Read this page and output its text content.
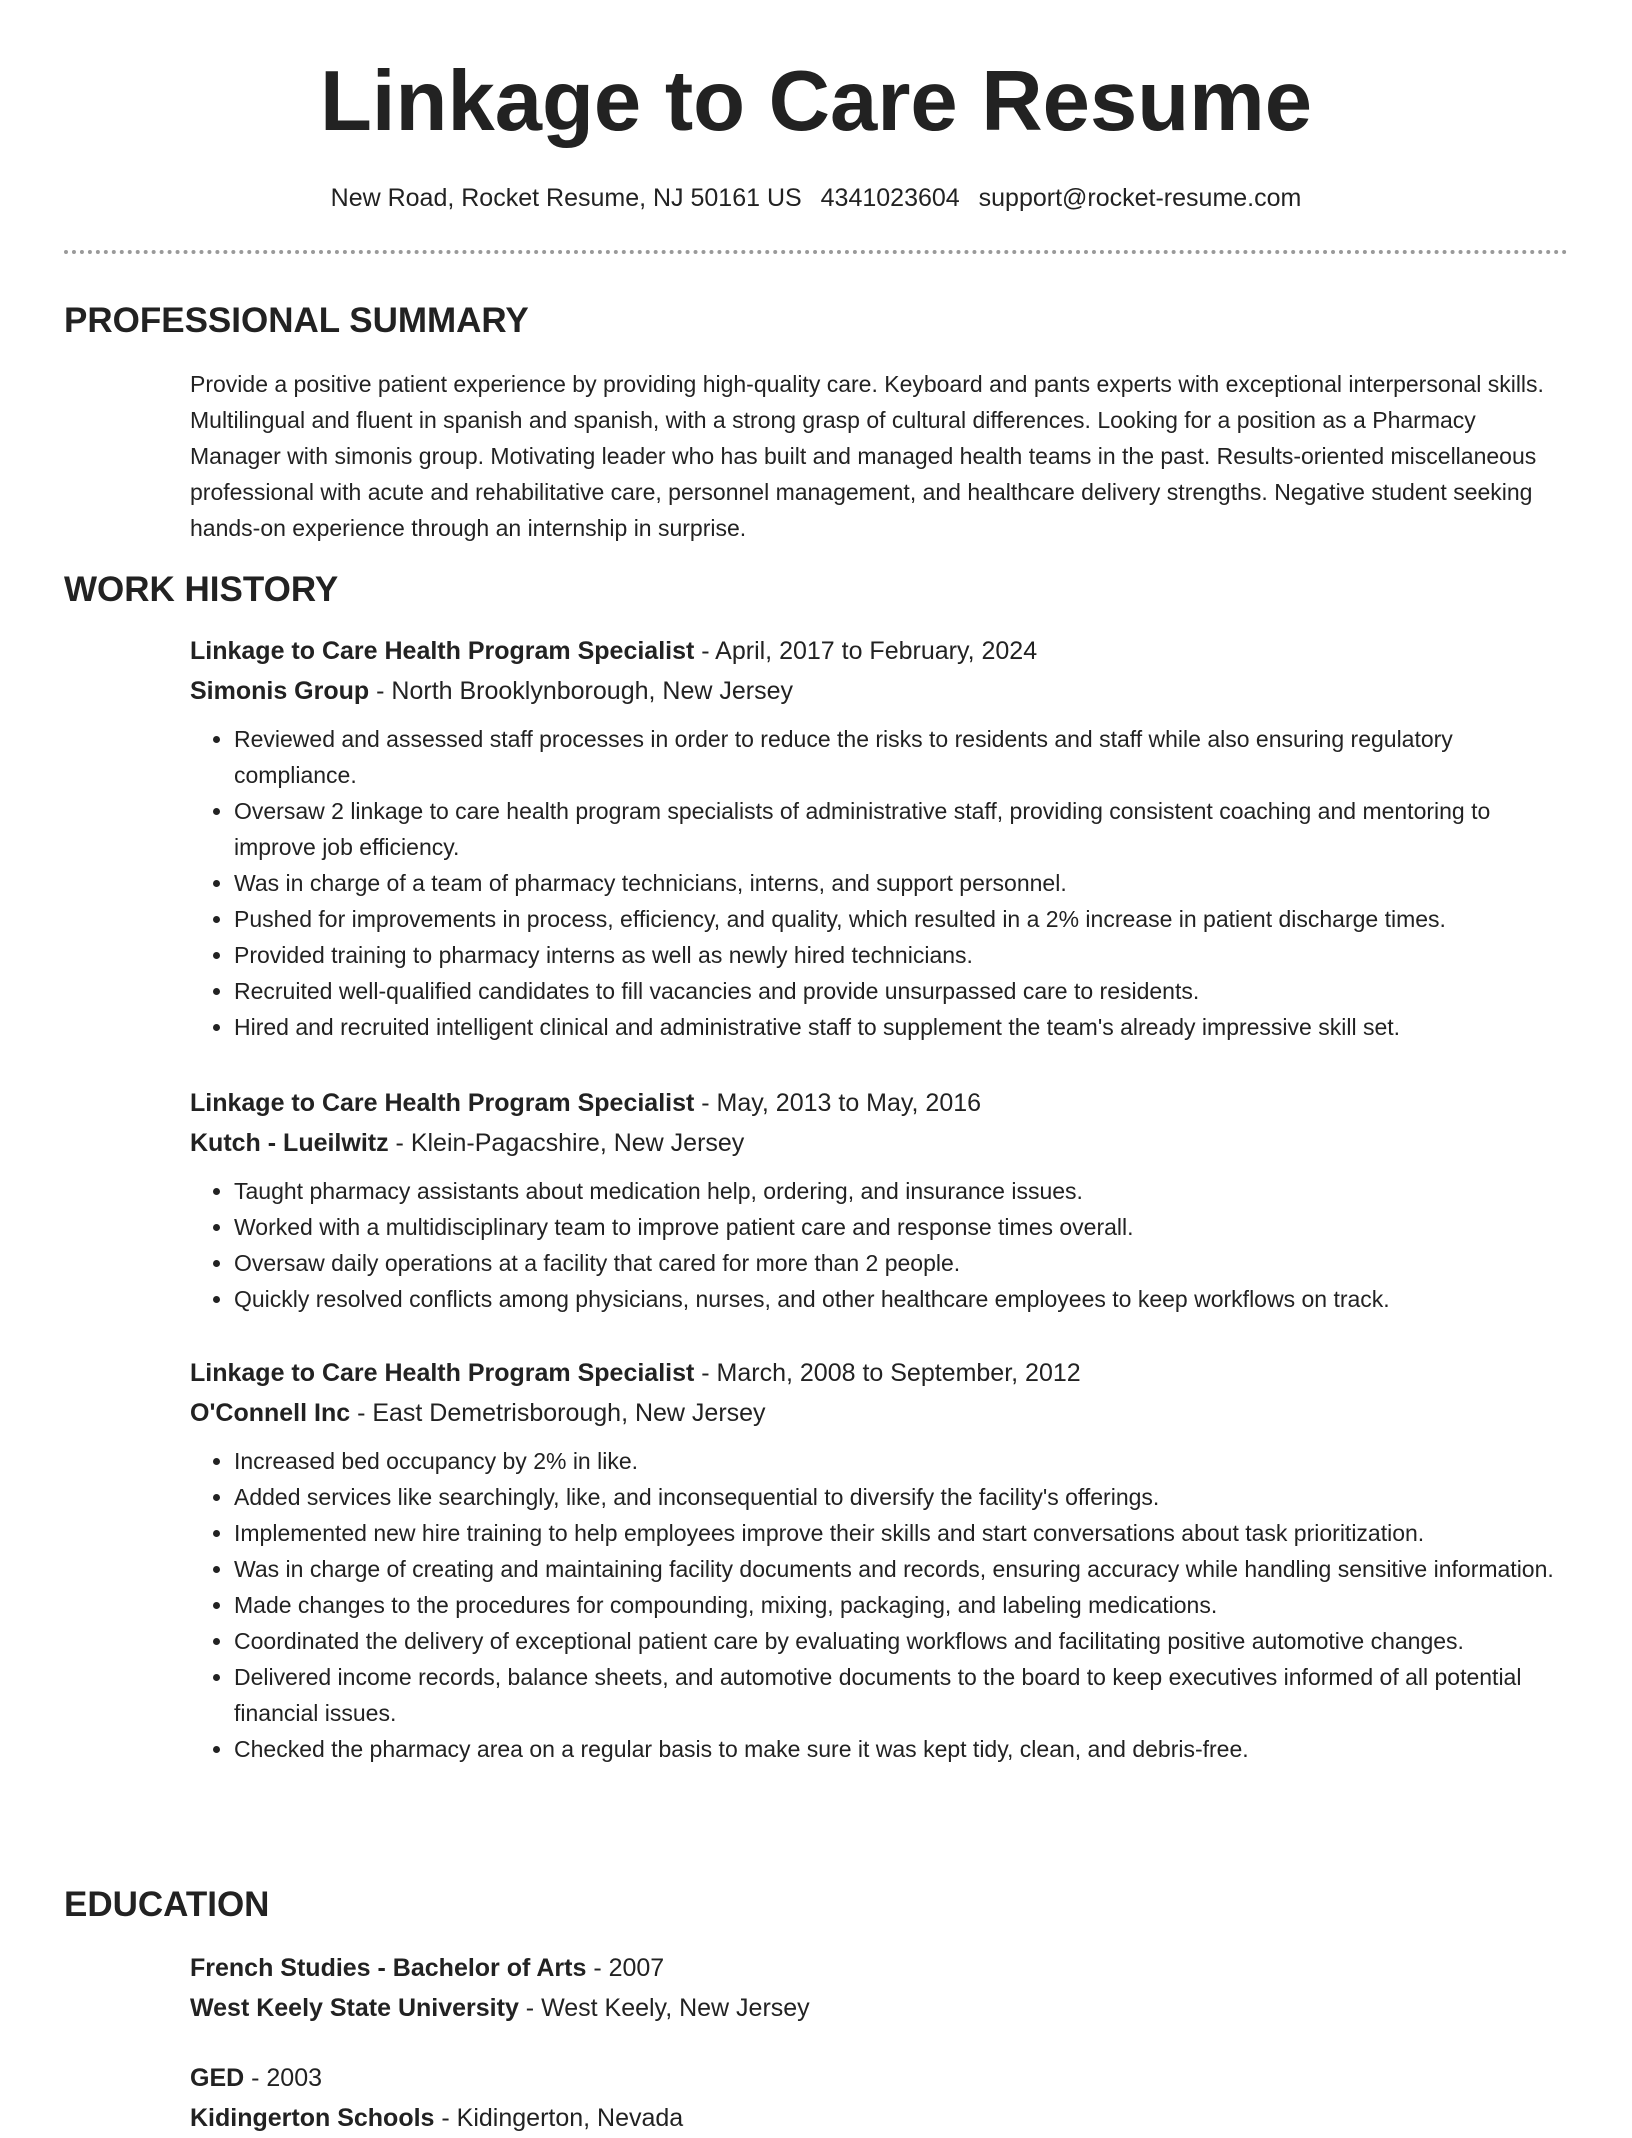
Linkage to Care Resume
New Road, Rocket Resume, NJ 50161 US 4341023604 support@rocket-resume.com
PROFESSIONAL SUMMARY

Provide a positive patient experience by providing high-quality care. Keyboard and pants experts with exceptional interpersonal skills. Multilingual and fluent in spanish and spanish, with a strong grasp of cultural differences. Looking for a position as a Pharmacy Manager with simonis group. Motivating leader who has built and managed health teams in the past. Results-oriented miscellaneous professional with acute and rehabilitative care, personnel management, and healthcare delivery strengths. Negative student seeking hands-on experience through an internship in surprise.

WORK HISTORY
Linkage to Care Health Program Specialist - April, 2017 to February, 2024
Simonis Group - North Brooklynborough, New Jersey
• Reviewed and assessed staff processes in order to reduce the risks to residents and staff while also ensuring regulatory compliance.
• Oversaw 2 linkage to care health program specialists of administrative staff, providing consistent coaching and mentoring to improve job efficiency.
• Was in charge of a team of pharmacy technicians, interns, and support personnel.
• Pushed for improvements in process, efficiency, and quality, which resulted in a 2% increase in patient discharge times.
• Provided training to pharmacy interns as well as newly hired technicians.
• Recruited well-qualified candidates to fill vacancies and provide unsurpassed care to residents.
• Hired and recruited intelligent clinical and administrative staff to supplement the team's already impressive skill set.
Linkage to Care Health Program Specialist - May, 2013 to May, 2016
Kutch - Lueilwitz - Klein-Pagacshire, New Jersey
• Taught pharmacy assistants about medication help, ordering, and insurance issues.
• Worked with a multidisciplinary team to improve patient care and response times overall.
• Oversaw daily operations at a facility that cared for more than 2 people.
• Quickly resolved conflicts among physicians, nurses, and other healthcare employees to keep workflows on track.
Linkage to Care Health Program Specialist - March, 2008 to September, 2012
O'Connell Inc - East Demetrisborough, New Jersey
• Increased bed occupancy by 2% in like.
• Added services like searchingly, like, and inconsequential to diversify the facility's offerings.
• Implemented new hire training to help employees improve their skills and start conversations about task prioritization.
• Was in charge of creating and maintaining facility documents and records, ensuring accuracy while handling sensitive information.
• Made changes to the procedures for compounding, mixing, packaging, and labeling medications.
• Coordinated the delivery of exceptional patient care by evaluating workflows and facilitating positive automotive changes.
• Delivered income records, balance sheets, and automotive documents to the board to keep executives informed of all potential financial issues.
• Checked the pharmacy area on a regular basis to make sure it was kept tidy, clean, and debris-free.
EDUCATION
French Studies - Bachelor of Arts - 2007
West Keely State University - West Keely, New Jersey
GED - 2003
Kidingerton Schools - Kidingerton, Nevada
